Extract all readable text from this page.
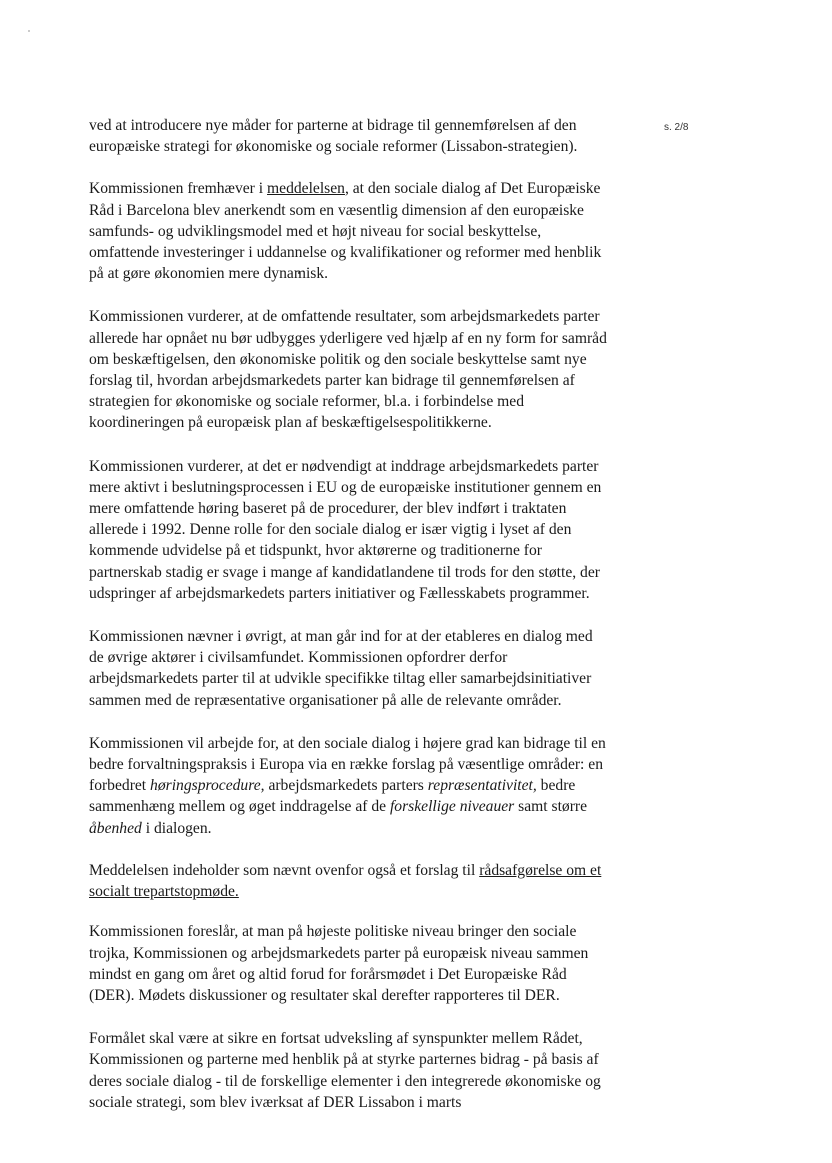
s. 2/8

ved at introducere nye måder for parterne at bidrage til gennemførelsen af den europæiske strategi for økonomiske og sociale reformer (Lissabon-strategien).

Kommissionen fremhæver i meddelelsen, at den sociale dialog af Det Europæiske Råd i Barcelona blev anerkendt som en væsentlig dimension af den europæiske samfunds- og udviklingsmodel med et højt niveau for social beskyttelse, omfattende investeringer i uddannelse og kvalifikationer og reformer med henblik på at gøre økonomien mere dynamisk.

Kommissionen vurderer, at de omfattende resultater, som arbejdsmarkedets parter allerede har opnået nu bør udbygges yderligere ved hjælp af en ny form for samråd om beskæftigelsen, den økonomiske politik og den sociale beskyttelse samt nye forslag til, hvordan arbejdsmarkedets parter kan bidrage til gennemførelsen af strategien for økonomiske og sociale reformer, bl.a. i forbindelse med koordineringen på europæisk plan af beskæftigelsespolitikkerne.

Kommissionen vurderer, at det er nødvendigt at inddrage arbejdsmarkedets parter mere aktivt i beslutningsprocessen i EU og de europæiske institutioner gennem en mere omfattende høring baseret på de procedurer, der blev indført i traktaten allerede i 1992. Denne rolle for den sociale dialog er især vigtig i lyset af den kommende udvidelse på et tidspunkt, hvor aktørerne og traditionerne for partnerskab stadig er svage i mange af kandidatlandene til trods for den støtte, der udspringer af arbejdsmarkedets parters initiativer og Fællesskabets programmer.

Kommissionen nævner i øvrigt, at man går ind for at der etableres en dialog med de øvrige aktører i civilsamfundet. Kommissionen opfordrer derfor arbejdsmarkedets parter til at udvikle specifikke tiltag eller samarbejdsinitiativer sammen med de repræsentative organisationer på alle de relevante områder.

Kommissionen vil arbejde for, at den sociale dialog i højere grad kan bidrage til en bedre forvaltningspraksis i Europa via en række forslag på væsentlige områder: en forbedret høringsprocedure, arbejdsmarkedets parters repræsentativitet, bedre sammenhæng mellem og øget inddragelse af de forskellige niveauer samt større åbenhed i dialogen.

Meddelelsen indeholder som nævnt ovenfor også et forslag til rådsafgørelse om et socialt trepartstopmøde.

Kommissionen foreslår, at man på højeste politiske niveau bringer den sociale trojka, Kommissionen og arbejdsmarkedets parter på europæisk niveau sammen mindst en gang om året og altid forud for forårsmødet i Det Europæiske Råd (DER). Mødets diskussioner og resultater skal derefter rapporteres til DER.

Formålet skal være at sikre en fortsat udveksling af synspunkter mellem Rådet, Kommissionen og parterne med henblik på at styrke parternes bidrag - på basis af deres sociale dialog - til de forskellige elementer i den integrerede økonomiske og sociale strategi, som blev iværksat af DER Lissabon i marts
